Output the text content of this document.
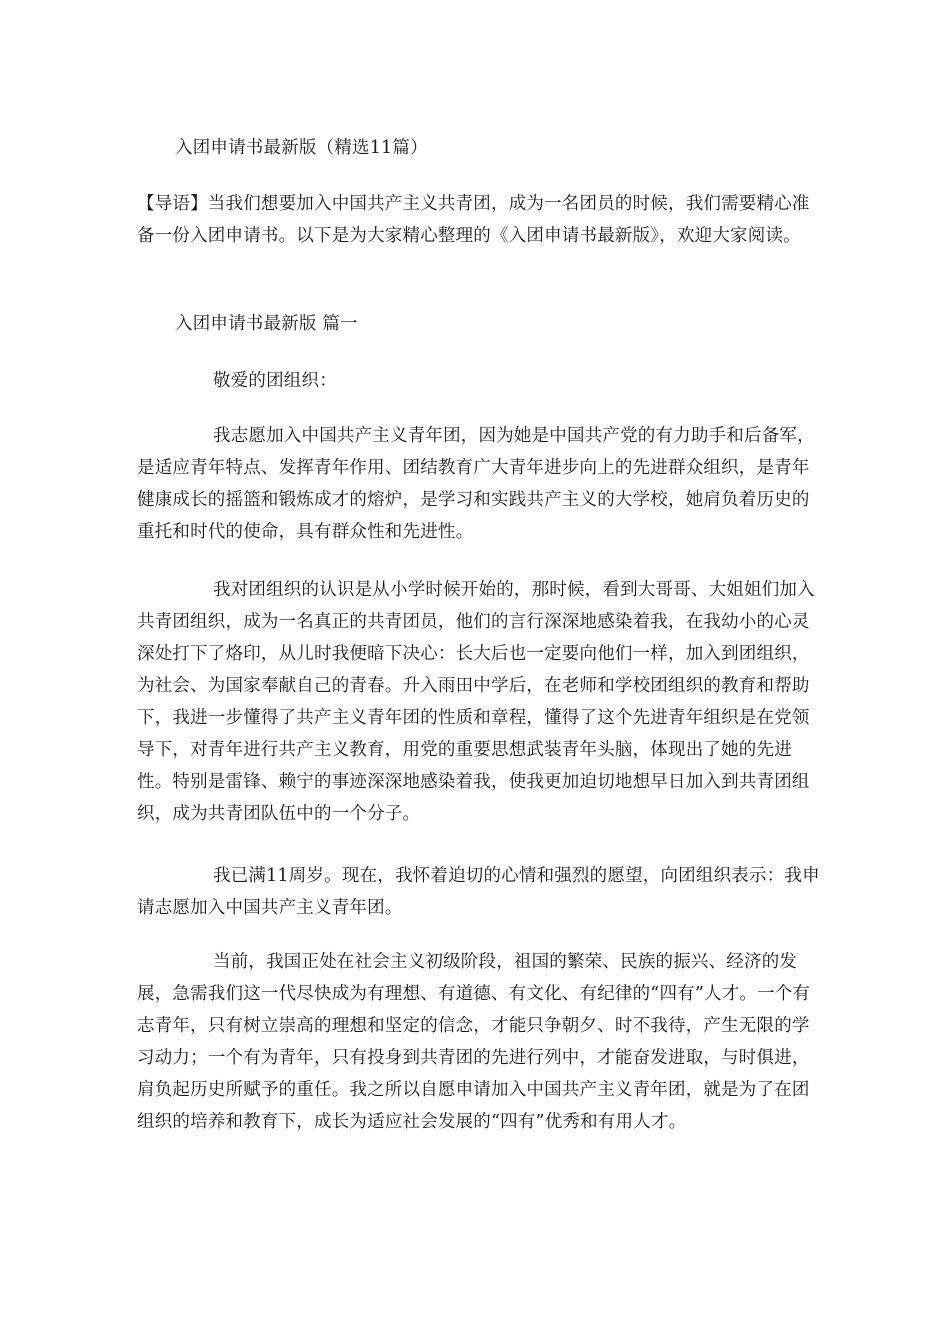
入团申请书最新版（精选11篇）

【导语】当我们想要加入中国共产主义共青团，成为一名团员的时候，我们需要精心准备一份入团申请书。以下是为大家精心整理的《入团申请书最新版》，欢迎大家阅读。

入团申请书最新版 篇一

敬爱的团组织：

我志愿加入中国共产主义青年团，因为她是中国共产党的有力助手和后备军，是适应青年特点、发挥青年作用、团结教育广大青年进步向上的先进群众组织，是青年健康成长的摇篮和锻炼成才的熔炉，是学习和实践共产主义的大学校，她肩负着历史的重托和时代的使命，具有群众性和先进性。

我对团组织的认识是从小学时候开始的，那时候，看到大哥哥、大姐姐们加入共青团组织，成为一名真正的共青团员，他们的言行深深地感染着我，在我幼小的心灵深处打下了烙印，从儿时我便暗下决心：长大后也一定要向他们一样，加入到团组织，为社会、为国家奉献自己的青春。升入雨田中学后，在老师和学校团组织的教育和帮助下，我进一步懂得了共产主义青年团的性质和章程，懂得了这个先进青年组织是在党领导下，对青年进行共产主义教育，用党的重要思想武装青年头脑，体现出了她的先进性。特别是雷锋、赖宁的事迹深深地感染着我，使我更加迫切地想早日加入到共青团组织，成为共青团队伍中的一个分子。

我已满11周岁。现在，我怀着迫切的心情和强烈的愿望，向团组织表示：我申请志愿加入中国共产主义青年团。

当前，我国正处在社会主义初级阶段，祖国的繁荣、民族的振兴、经济的发展，急需我们这一代尽快成为有理想、有道德、有文化、有纪律的“四有”人才。一个有志青年，只有树立崇高的理想和坚定的信念，才能只争朝夕、时不我待，产生无限的学习动力；一个有为青年，只有投身到共青团的先进行列中，才能奋发进取，与时俱进，肩负起历史所赋予的重任。我之所以自愿申请加入中国共产主义青年团，就是为了在团组织的培养和教育下，成长为适应社会发展的“四有”优秀和有用人才。
